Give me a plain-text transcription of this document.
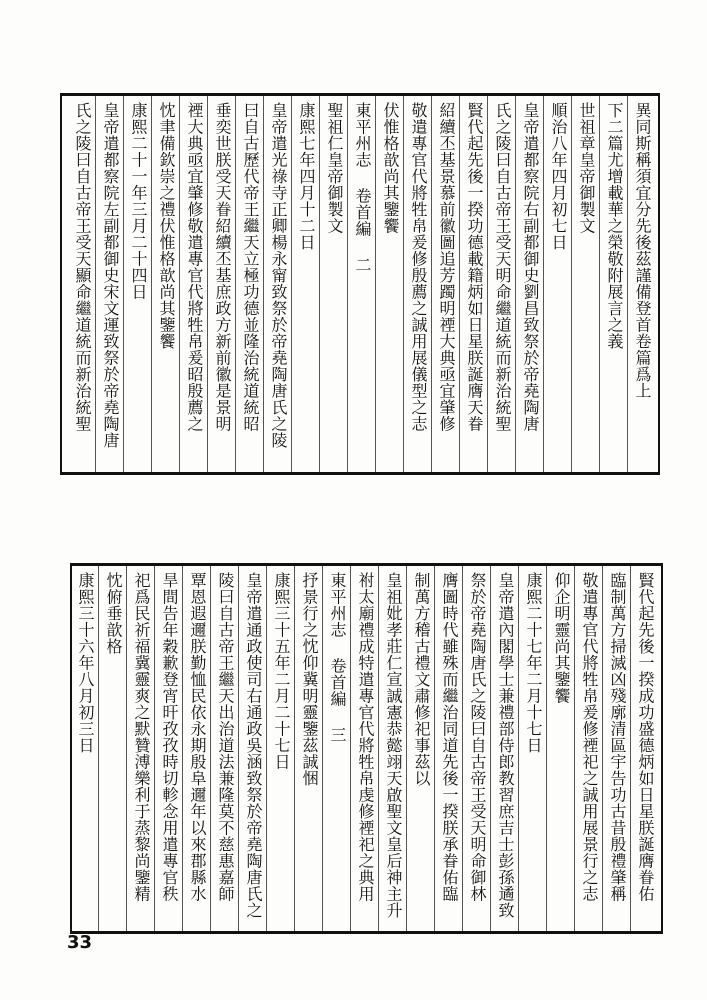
異同斯稱須宜分先後茲謹備登首卷篇爲上
下二篇尤增載華之榮敬附展言之義
世祖章皇帝御製文
順治八年四月初七日
皇帝遣都察院右副都御史劉昌致祭於帝堯陶唐
氏之陵曰自古帝王受天明命繼道統而新治統聖
賢代起先後一揆功德載籍炳如日星朕誕膺天眷
紹續丕基景慕前徽圖追芳躅明禋大典亟宜肇修
敬遣專官代將牲帛爰修殷薦之誠用展儀型之志
伏惟格歆尚其鑒饗
東平州志 卷首編 二
聖祖仁皇帝御製文
康熙七年四月十二日
皇帝遣光祿寺正卿楊永甯致祭於帝堯陶唐氏之陵
曰自古歷代帝王繼天立極功德並隆治統道統昭
垂奕世朕受天眷紹續丕基庶政方新前徽是景明
禋大典亟宜肇修敬遣專官代將牲帛爰昭殷薦之
忱聿備欽崇之禮伏惟格歆尚其鑒饗
康熙二十一年三月二十四日
皇帝遣都察院左副都御史宋文運致祭於帝堯陶唐
氏之陵曰自古帝王受天顯命繼道統而新治統聖
賢代起先後一揆成功盛德炳如日星朕誕膺眷佑
臨制萬方掃滅凶殘廓清區宇告功古昔殷禮肇稱
敬遣專官代將牲帛爰修禋祀之誠用展景行之志
仰企明靈尚其鑒饗
康熙二十七年二月十七日
皇帝遣內閣學士兼禮部侍郎教習庶吉士彭孫遹致
祭於帝堯陶唐氏之陵曰自古帝王受天明命御林
膺圖時代雖殊而繼治同道先後一揆朕承眷佑臨
制萬方稽古禮文肅修祀事茲以
皇祖妣孝莊仁宣誠憲恭懿翊天啟聖文皇后神主升
祔太廟禮成特遣專官代將牲帛虔修禋祀之典用
東平州志 卷首編 三
抒景行之忱仰冀明靈鑒茲誠悃
康熙三十五年二月二十七日
皇帝遣通政使司右通政吳涵致祭於帝堯陶唐氏之
陵曰自古帝王繼天出治道法兼隆莫不慈惠嘉師
覃恩遐邇朕勤恤民依永期殷阜邇年以來郡縣水
旱間告年穀歉登宵旰孜孜時切軫念用遣專官秩
祀爲民祈福冀靈爽之默贊溥樂利于蒸黎尚鑒精
忱俯垂歆格
康熙三十六年八月初三日
33
